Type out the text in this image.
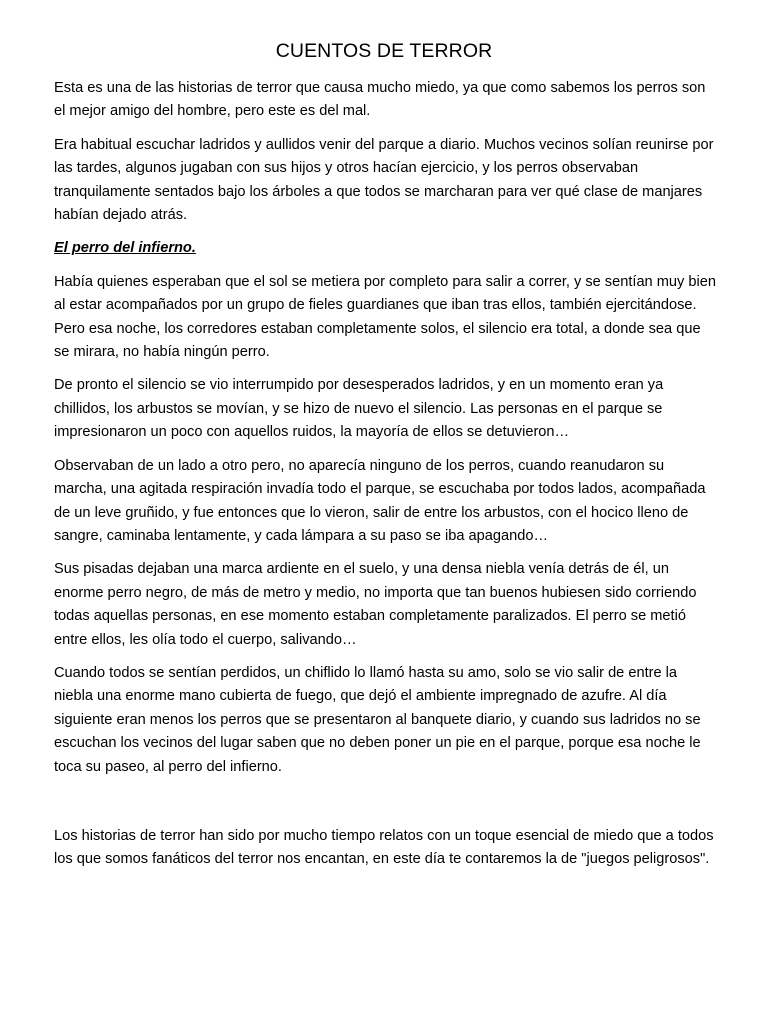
CUENTOS DE TERROR

Esta es una de las historias de terror que causa mucho miedo, ya que como sabemos los perros son el mejor amigo del hombre, pero este es del mal.

Era habitual escuchar ladridos y aullidos venir del parque a diario. Muchos vecinos solían reunirse por las tardes, algunos jugaban con sus hijos y otros hacían ejercicio, y los perros observaban tranquilamente sentados bajo los árboles a que todos se marcharan para ver qué clase de manjares habían dejado atrás.

El perro del infierno.

Había quienes esperaban que el sol se metiera por completo para salir a correr, y se sentían muy bien al estar acompañados por un grupo de fieles guardianes que iban tras ellos, también ejercitándose. Pero esa noche, los corredores estaban completamente solos, el silencio era total, a donde sea que se mirara, no había ningún perro.

De pronto el silencio se vio interrumpido por desesperados ladridos, y en un momento eran ya chillidos, los arbustos se movían, y se hizo de nuevo el silencio. Las personas en el parque se impresionaron un poco con aquellos ruidos, la mayoría de ellos se detuvieron…

Observaban de un lado a otro pero, no aparecía ninguno de los perros, cuando reanudaron su marcha, una agitada respiración invadía todo el parque, se escuchaba por todos lados, acompañada de un leve gruñido, y fue entonces que lo vieron, salir de entre los arbustos, con el hocico lleno de sangre, caminaba lentamente, y cada lámpara a su paso se iba apagando…

Sus pisadas dejaban una marca ardiente en el suelo, y una densa niebla venía detrás de él, un enorme perro negro, de más de metro y medio, no importa que tan buenos hubiesen sido corriendo todas aquellas personas, en ese momento estaban completamente paralizados. El perro se metió entre ellos, les olía todo el cuerpo, salivando…

Cuando todos se sentían perdidos, un chiflido lo llamó hasta su amo, solo se vio salir de entre la niebla una enorme mano cubierta de fuego, que dejó el ambiente impregnado de azufre. Al día siguiente eran menos los perros que se presentaron al banquete diario, y cuando sus ladridos no se escuchan los vecinos del lugar saben que no deben poner un pie en el parque, porque esa noche le toca su paseo, al perro del infierno.

Los historias de terror han sido por mucho tiempo relatos con un toque esencial de miedo que a todos los que somos fanáticos del terror nos encantan, en este día te contaremos la de "juegos peligrosos".
